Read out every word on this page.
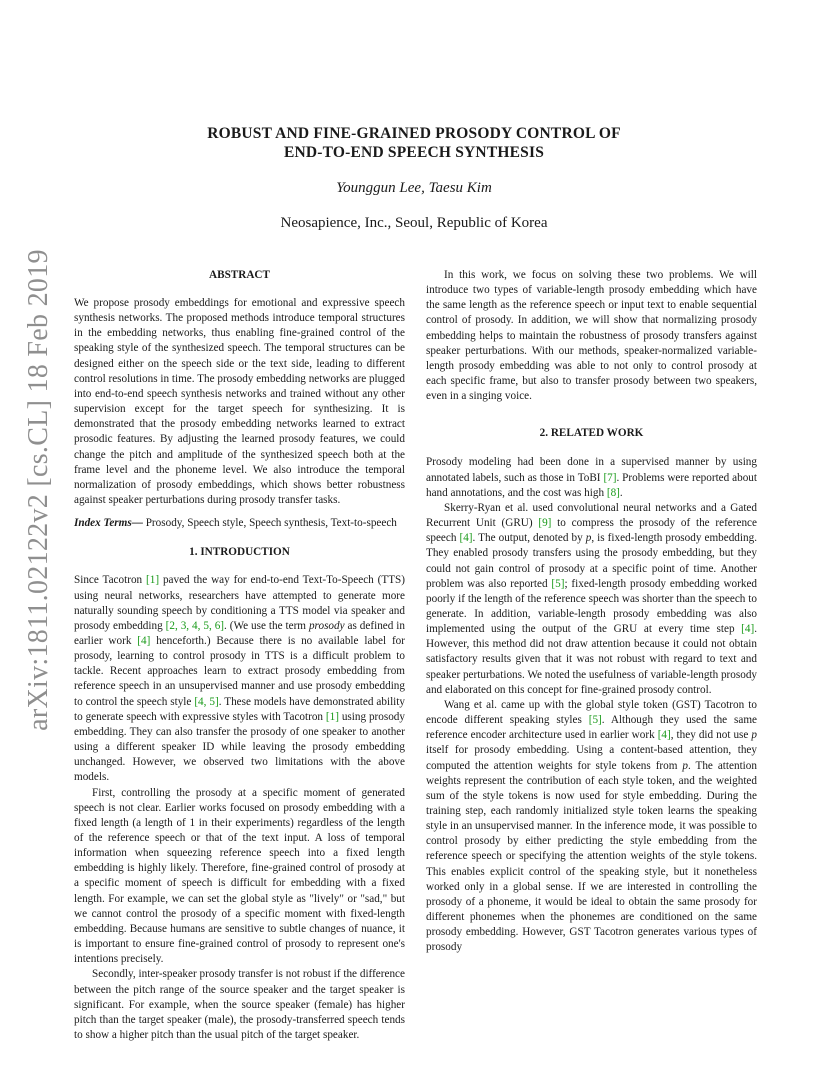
arXiv:1811.02122v2 [cs.CL] 18 Feb 2019
ROBUST AND FINE-GRAINED PROSODY CONTROL OF
END-TO-END SPEECH SYNTHESIS
Younggun Lee, Taesu Kim
Neosapience, Inc., Seoul, Republic of Korea
ABSTRACT

We propose prosody embeddings for emotional and expressive speech synthesis networks. The proposed methods introduce temporal structures in the embedding networks, thus enabling fine-grained control of the speaking style of the synthesized speech. The temporal structures can be designed either on the speech side or the text side, leading to different control resolutions in time. The prosody embedding networks are plugged into end-to-end speech synthesis networks and trained without any other supervision except for the target speech for synthesizing. It is demonstrated that the prosody embedding networks learned to extract prosodic features. By adjusting the learned prosody features, we could change the pitch and amplitude of the synthesized speech both at the frame level and the phoneme level. We also introduce the temporal normalization of prosody embeddings, which shows better robustness against speaker perturbations during prosody transfer tasks.

Index Terms— Prosody, Speech style, Speech synthesis, Text-to-speech

1. INTRODUCTION

Since Tacotron [1] paved the way for end-to-end Text-To-Speech (TTS) using neural networks, researchers have attempted to generate more naturally sounding speech by conditioning a TTS model via speaker and prosody embedding [2, 3, 4, 5, 6]. (We use the term prosody as defined in earlier work [4] henceforth.) Because there is no available label for prosody, learning to control prosody in TTS is a difficult problem to tackle. Recent approaches learn to extract prosody embedding from reference speech in an unsupervised manner and use prosody embedding to control the speech style [4, 5]. These models have demonstrated ability to generate speech with expressive styles with Tacotron [1] using prosody embedding. They can also transfer the prosody of one speaker to another using a different speaker ID while leaving the prosody embedding unchanged. However, we observed two limitations with the above models.

First, controlling the prosody at a specific moment of generated speech is not clear. Earlier works focused on prosody embedding with a fixed length (a length of 1 in their experiments) regardless of the length of the reference speech or that of the text input. A loss of temporal information when squeezing reference speech into a fixed length embedding is highly likely. Therefore, fine-grained control of prosody at a specific moment of speech is difficult for embedding with a fixed length. For example, we can set the global style as "lively" or "sad," but we cannot control the prosody of a specific moment with fixed-length embedding. Because humans are sensitive to subtle changes of nuance, it is important to ensure fine-grained control of prosody to represent one's intentions precisely.

Secondly, inter-speaker prosody transfer is not robust if the difference between the pitch range of the source speaker and the target speaker is significant. For example, when the source speaker (female) has higher pitch than the target speaker (male), the prosody-transferred speech tends to show a higher pitch than the usual pitch of the target speaker.

In this work, we focus on solving these two problems. We will introduce two types of variable-length prosody embedding which have the same length as the reference speech or input text to enable sequential control of prosody. In addition, we will show that normalizing prosody embedding helps to maintain the robustness of prosody transfers against speaker perturbations. With our methods, speaker-normalized variable-length prosody embedding was able to not only to control prosody at each specific frame, but also to transfer prosody between two speakers, even in a singing voice.

2. RELATED WORK

Prosody modeling had been done in a supervised manner by using annotated labels, such as those in ToBI [7]. Problems were reported about hand annotations, and the cost was high [8].

Skerry-Ryan et al. used convolutional neural networks and a Gated Recurrent Unit (GRU) [9] to compress the prosody of the reference speech [4]. The output, denoted by p, is fixed-length prosody embedding. They enabled prosody transfers using the prosody embedding, but they could not gain control of prosody at a specific point of time. Another problem was also reported [5]; fixed-length prosody embedding worked poorly if the length of the reference speech was shorter than the speech to generate. In addition, variable-length prosody embedding was also implemented using the output of the GRU at every time step [4]. However, this method did not draw attention because it could not obtain satisfactory results given that it was not robust with regard to text and speaker perturbations. We noted the usefulness of variable-length prosody and elaborated on this concept for fine-grained prosody control.

Wang et al. came up with the global style token (GST) Tacotron to encode different speaking styles [5]. Although they used the same reference encoder architecture used in earlier work [4], they did not use p itself for prosody embedding. Using a content-based attention, they computed the attention weights for style tokens from p. The attention weights represent the contribution of each style token, and the weighted sum of the style tokens is now used for style embedding. During the training step, each randomly initialized style token learns the speaking style in an unsupervised manner. In the inference mode, it was possible to control prosody by either predicting the style embedding from the reference speech or specifying the attention weights of the style tokens. This enables explicit control of the speaking style, but it nonetheless worked only in a global sense. If we are interested in controlling the prosody of a phoneme, it would be ideal to obtain the same prosody for different phonemes when the phonemes are conditioned on the same prosody embedding. However, GST Tacotron generates various types of prosody
